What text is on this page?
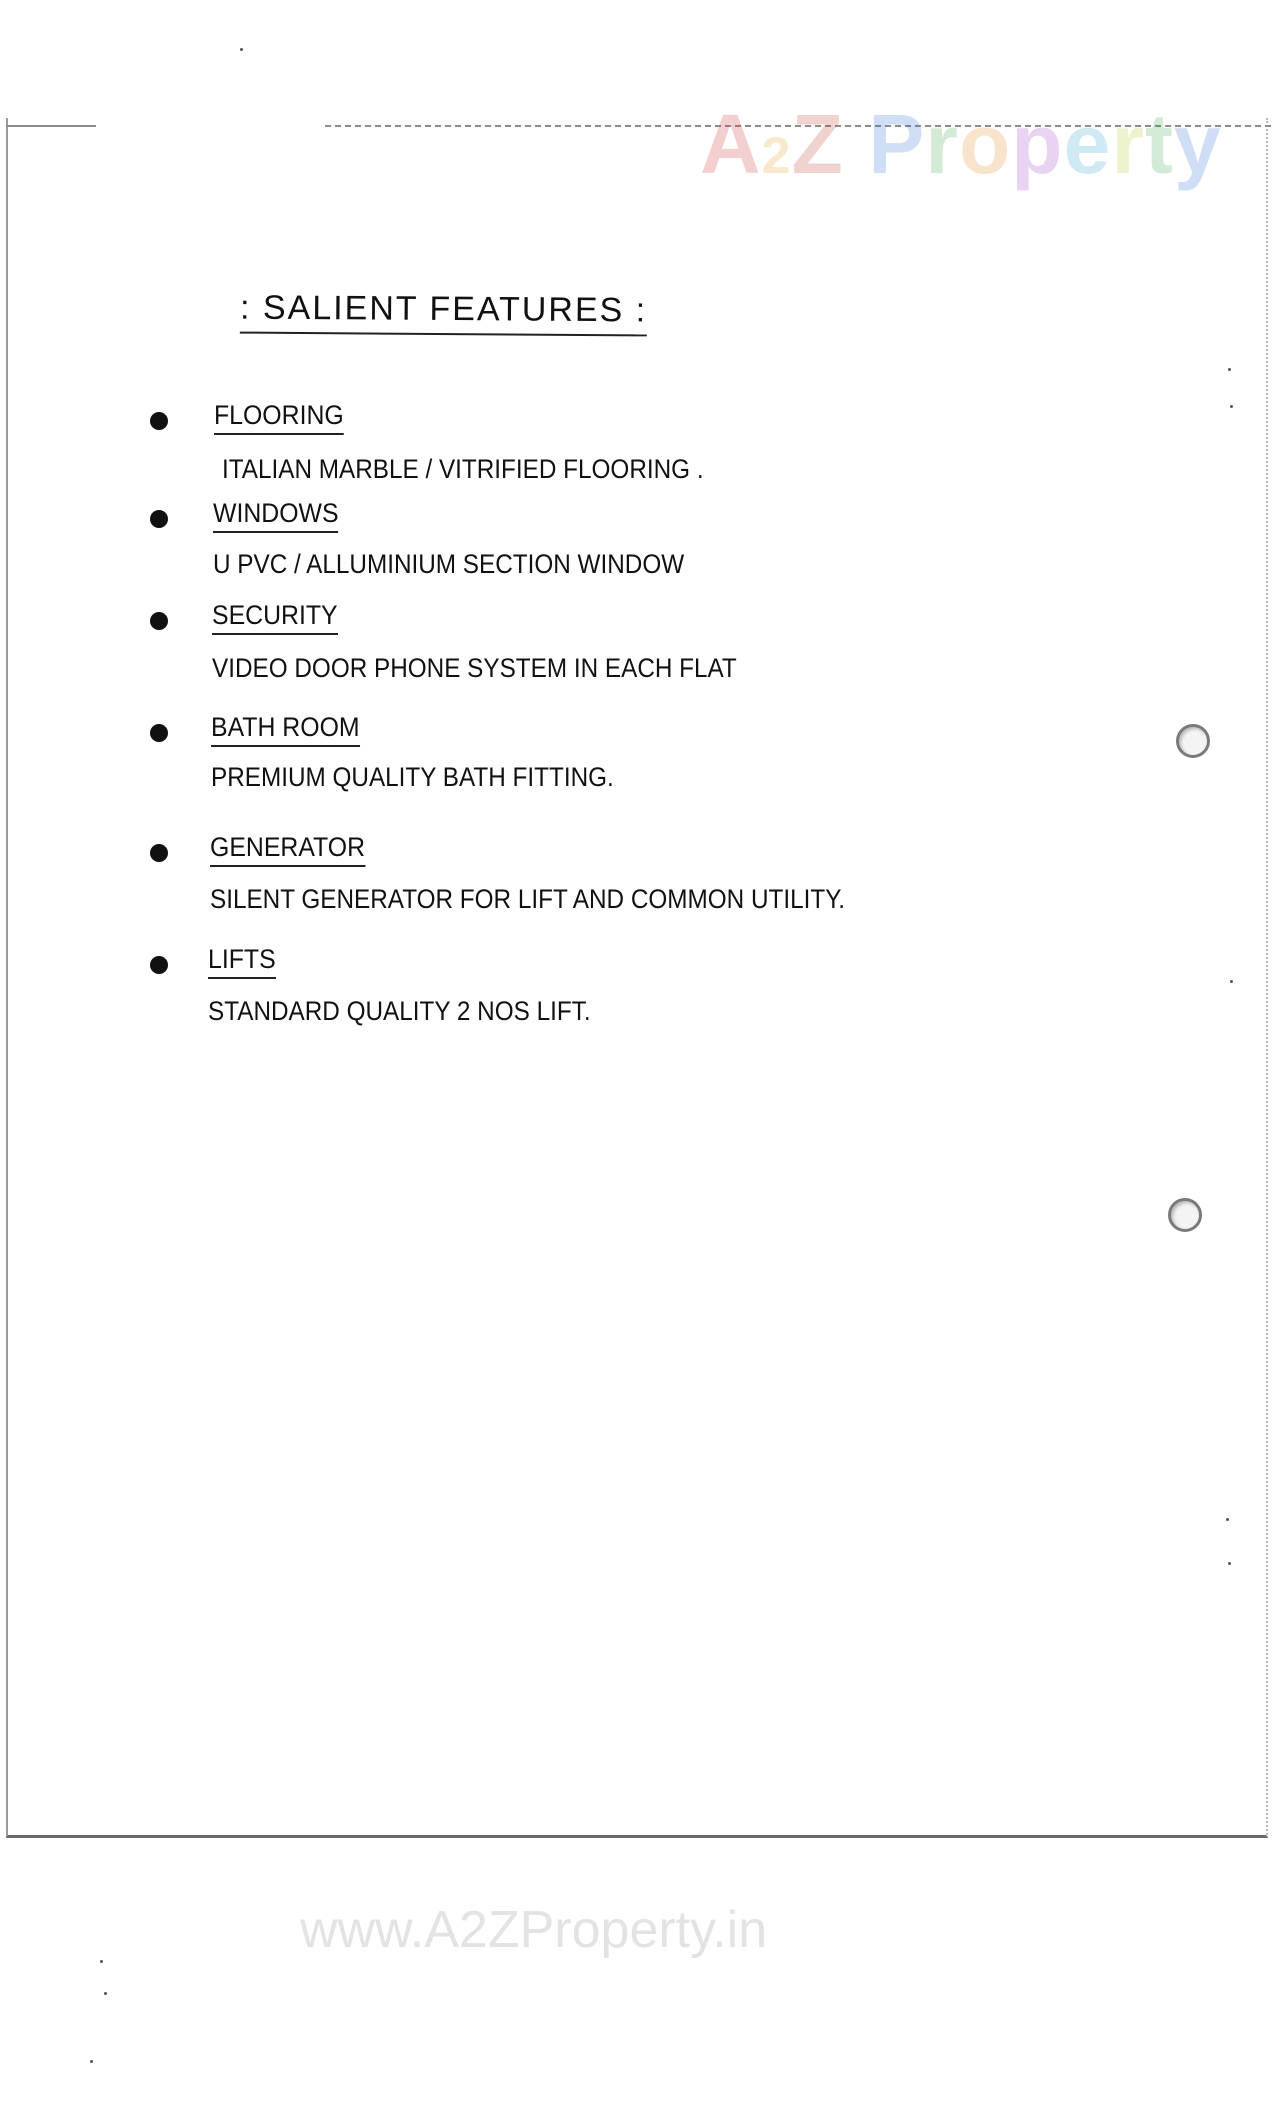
A2Z Property
: SALIENT FEATURES :
FLOORING
ITALIAN MARBLE / VITRIFIED FLOORING .
WINDOWS
U PVC / ALLUMINIUM SECTION WINDOW
SECURITY
VIDEO DOOR PHONE SYSTEM IN EACH FLAT
BATH ROOM
PREMIUM QUALITY BATH FITTING.
GENERATOR
SILENT GENERATOR FOR LIFT AND COMMON UTILITY.
LIFTS
STANDARD QUALITY 2 NOS LIFT.
www.A2ZProperty.in
